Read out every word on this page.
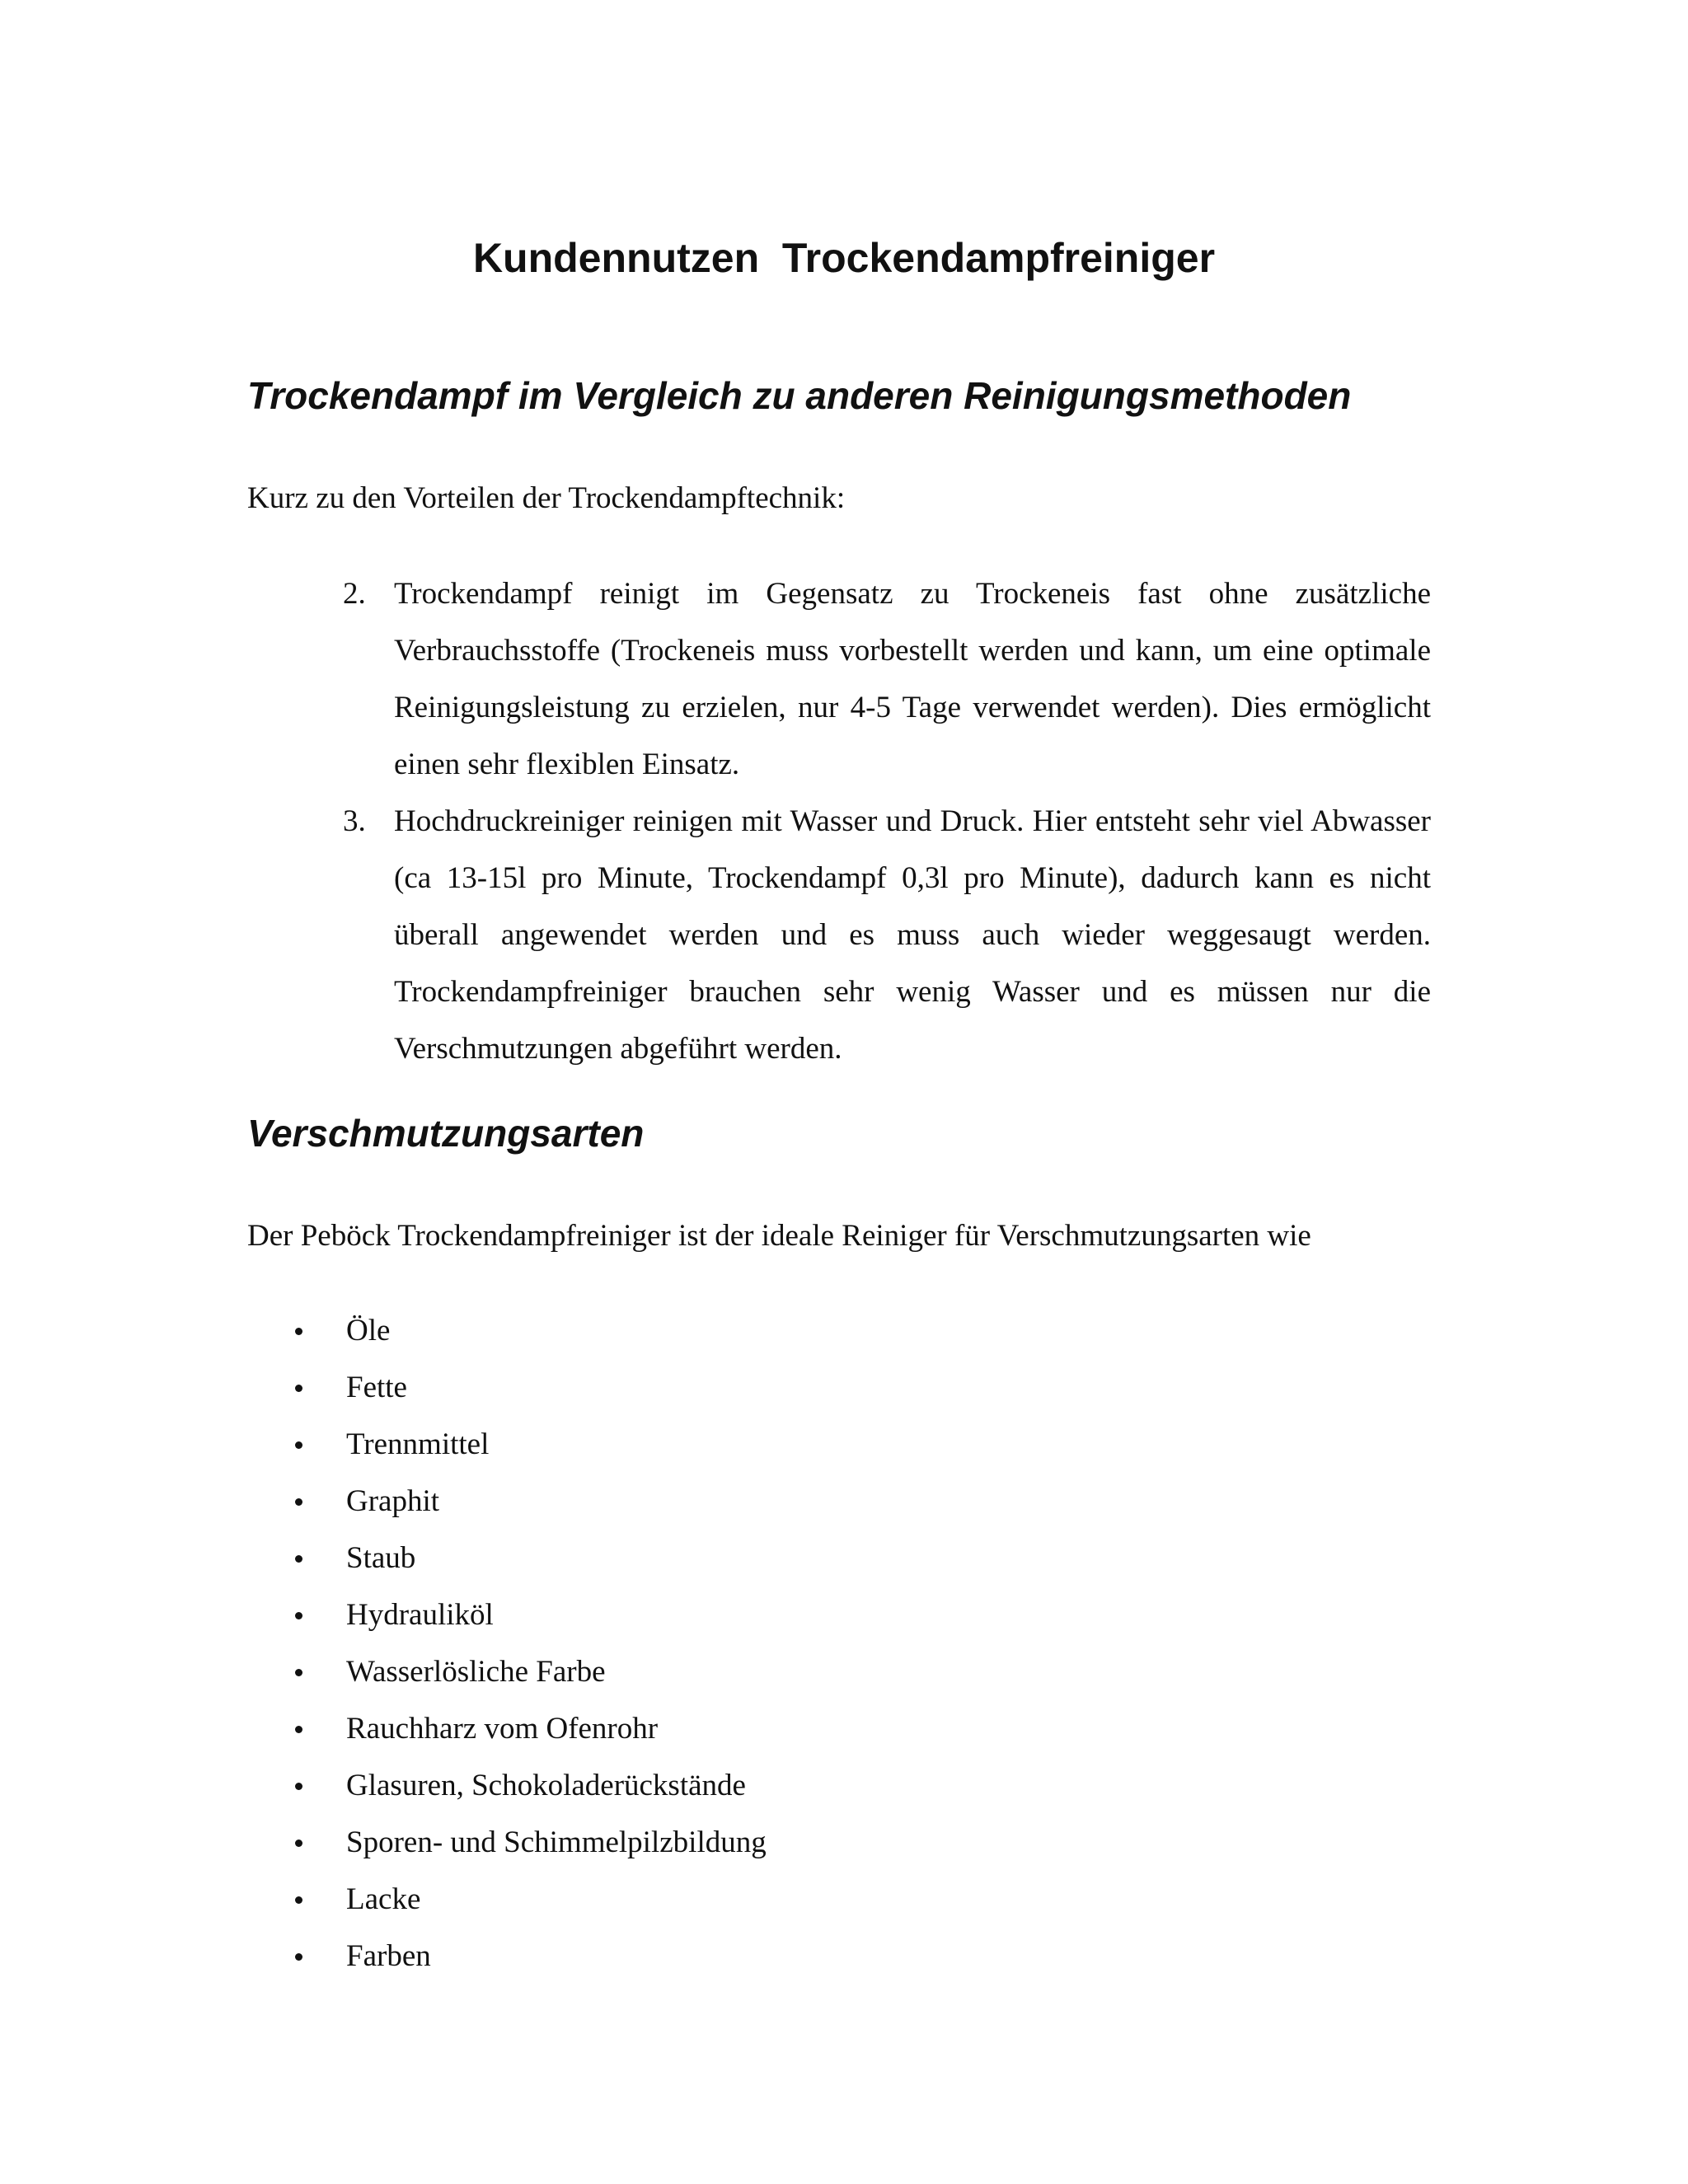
Kundennutzen  Trockendampfreiniger
Trockendampf im Vergleich zu anderen Reinigungsmethoden

Kurz zu den Vorteilen der Trockendampftechnik:

2. Trockendampf reinigt im Gegensatz zu Trockeneis fast ohne zusätzliche Verbrauchsstoffe (Trockeneis muss vorbestellt werden und kann, um eine optimale Reinigungsleistung zu erzielen, nur 4-5 Tage verwendet werden). Dies ermöglicht einen sehr flexiblen Einsatz.
3. Hochdruckreiniger reinigen mit Wasser und Druck. Hier entsteht sehr viel Abwasser (ca 13-15l pro Minute, Trockendampf 0,3l pro Minute), dadurch kann es nicht überall angewendet werden und es muss auch wieder weggesaugt werden. Trockendampfreiniger brauchen sehr wenig Wasser und es müssen nur die Verschmutzungen abgeführt werden.
Verschmutzungsarten

Der Peböck Trockendampfreiniger ist der ideale Reiniger für Verschmutzungsarten wie

Öle
Fette
Trennmittel
Graphit
Staub
Hydrauliköl
Wasserlösliche Farbe
Rauchharz vom Ofenrohr
Glasuren, Schokoladerückstände
Sporen- und Schimmelpilzbildung
Lacke
Farben
